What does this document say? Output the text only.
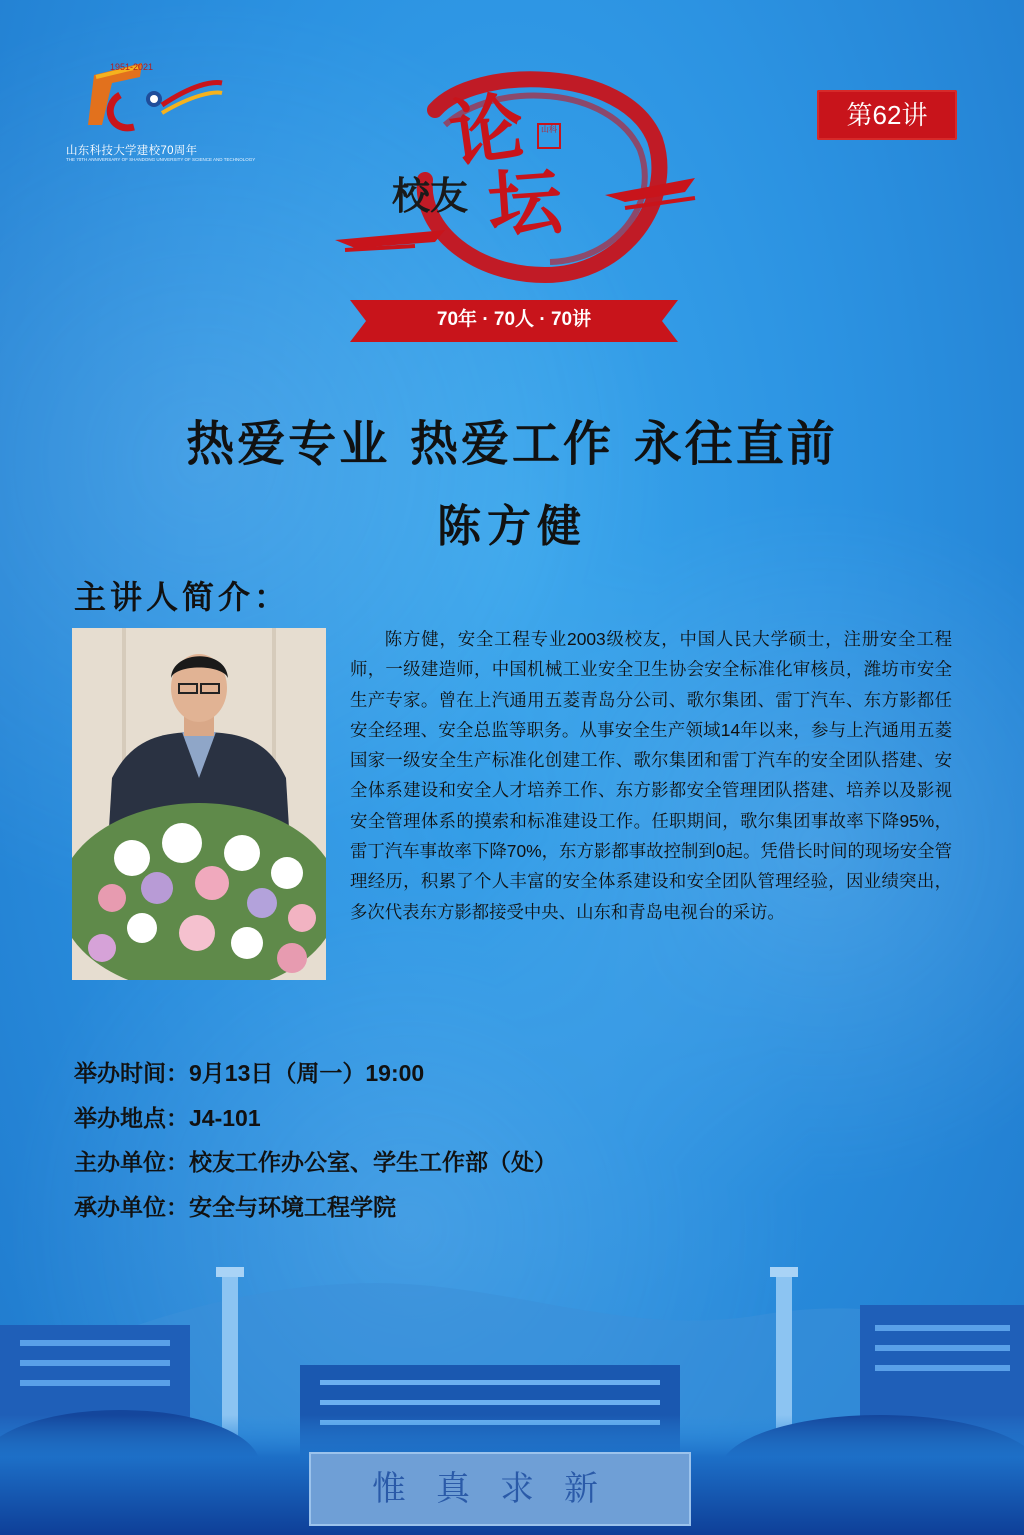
1951-2021
山东科技大学建校70周年
THE 70TH ANNIVERSARY OF SHANDONG UNIVERSITY OF SCIENCE AND TECHNOLOGY	论
坛
校友
山科
70年 · 70人 · 70讲
第62讲
热爱专业 热爱工作 永往直前
陈方健
主讲人简介：
陈方健，安全工程专业2003级校友，中国人民大学硕士，注册安全工程师，一级建造师，中国机械工业安全卫生协会安全标准化审核员，潍坊市安全生产专家。曾在上汽通用五菱青岛分公司、歌尔集团、雷丁汽车、东方影都任安全经理、安全总监等职务。从事安全生产领域14年以来，参与上汽通用五菱国家一级安全生产标准化创建工作、歌尔集团和雷丁汽车的安全团队搭建、安全体系建设和安全人才培养工作、东方影都安全管理团队搭建、培养以及影视安全管理体系的摸索和标准建设工作。任职期间，歌尔集团事故率下降95%，雷丁汽车事故率下降70%，东方影都事故控制到0起。凭借长时间的现场安全管理经历，积累了个人丰富的安全体系建设和安全团队管理经验，因业绩突出，多次代表东方影都接受中央、山东和青岛电视台的采访。
举办时间：9月13日（周一）19:00
举办地点：J4-101
主办单位：校友工作办公室、学生工作部（处）
承办单位：安全与环境工程学院
惟真求新
